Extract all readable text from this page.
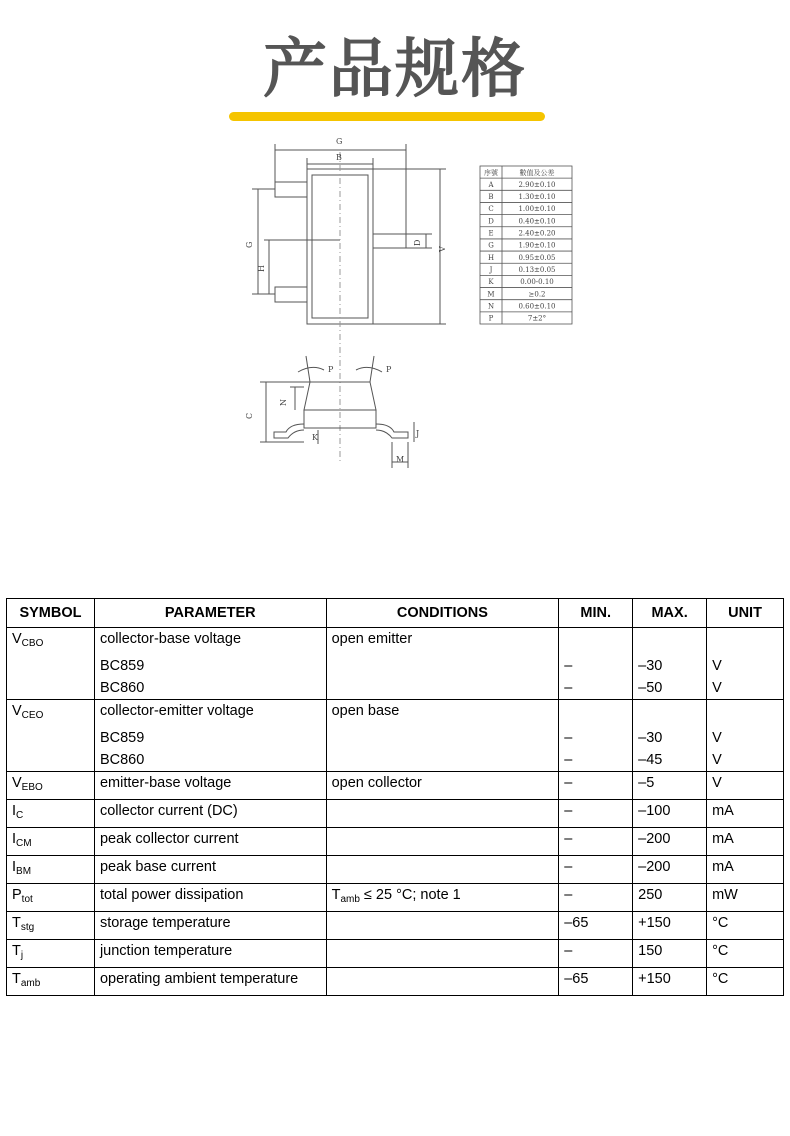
产品规格
G
B
G
H
V
D
C
N
P	P
K
M
J
序號	數值及公差
A	2.90±0.10
B	1.30±0.10
C	1.00±0.10
D	0.40±0.10
E	2.40±0.20
G	1.90±0.10
H	0.95±0.05
J	0.13±0.05
K	0.00-0.10
M	≥0.2
N	0.60±0.10
P	7±2°
SYMBOL	PARAMETER	CONDITIONS	MIN.	MAX.	UNIT
$V_{CBO}$	collector-base voltage	open emitter			
	BC859		–	–30	V
	BC860		–	–50	V
$V_{CEO}$	collector-emitter voltage	open base			
	BC859		–	–30	V
	BC860		–	–45	V
$V_{EBO}$	emitter-base voltage	open collector	–	–5	V
$I_C$	collector current (DC)		–	–100	mA
$I_{CM}$	peak collector current		–	–200	mA
$I_{BM}$	peak base current		–	–200	mA
$P_{tot}$	total power dissipation	$T_{amb} \le 25$ °C; note 1	–	250	mW
$T_{stg}$	storage temperature		–65	+150	°C
$T_j$	junction temperature		–	150	°C
$T_{amb}$	operating ambient temperature		–65	+150	°C
